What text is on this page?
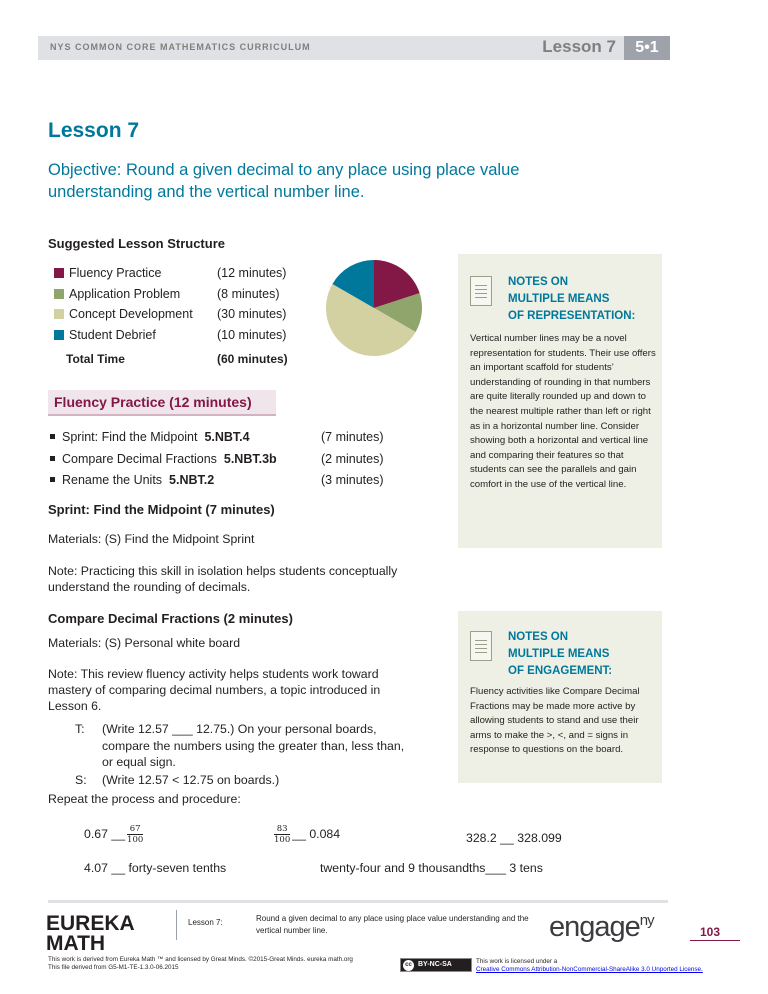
NYS COMMON CORE MATHEMATICS CURRICULUM	Lesson 7	5•1
Lesson 7
Objective: Round a given decimal to any place using place value understanding and the vertical number line.
Suggested Lesson Structure
Fluency Practice	(12 minutes)
Application Problem	(8 minutes)
Concept Development (30 minutes)
Student Debrief	(10 minutes)
Total Time	(60 minutes)
NOTES ON
MULTIPLE MEANS
OF REPRESENTATION:
Vertical number lines may be a novel representation for students. Their use offers an important scaffold for students’ understanding of rounding in that numbers are quite literally rounded up and down to the nearest multiple rather than left or right as in a horizontal number line. Consider showing both a horizontal and vertical line and comparing their features so that students can see the parallels and gain comfort in the use of the vertical line.
Fluency Practice (12 minutes)
Sprint: Find the Midpoint 5.NBT.4	(7 minutes)
Compare Decimal Fractions 5.NBT.3b	(2 minutes)
Rename the Units 5.NBT.2	(3 minutes)
Sprint: Find the Midpoint (7 minutes)
Materials: (S) Find the Midpoint Sprint
Note: Practicing this skill in isolation helps students conceptually understand the rounding of decimals.
Compare Decimal Fractions (2 minutes)
Materials: (S) Personal white board
Note: This review fluency activity helps students work toward mastery of comparing decimal numbers, a topic introduced in Lesson 6.
T: (Write 12.57 ___ 12.75.) On your personal boards, compare the numbers using the greater than, less than, or equal sign.
S: (Write 12.57 < 12.75 on boards.)
Repeat the process and procedure:
0.67 __ $\frac{67}{100}$	$\frac{83}{100}$ __ 0.084	328.2 __ 328.099
4.07 __ forty-seven tenths	twenty-four and 9 thousandths___ 3 tens
NOTES ON
MULTIPLE MEANS
OF ENGAGEMENT:
Fluency activities like Compare Decimal Fractions may be made more active by allowing students to stand and use their arms to make the >, <, and = signs in response to questions on the board.
EUREKA
MATH
Lesson 7:	Round a given decimal to any place using place value understanding and the vertical number line.	engage$^{ny}$
103
This work is derived from Eureka Math ™ and licensed by Great Minds. ©2015-Great Minds. eureka math.org
This file derived from G5-M1-TE-1.3.0-06.2015	cc BY-NC-SA	This work is licensed under a
Creative Commons Attribution-NonCommercial-ShareAlike 3.0 Unported License.
